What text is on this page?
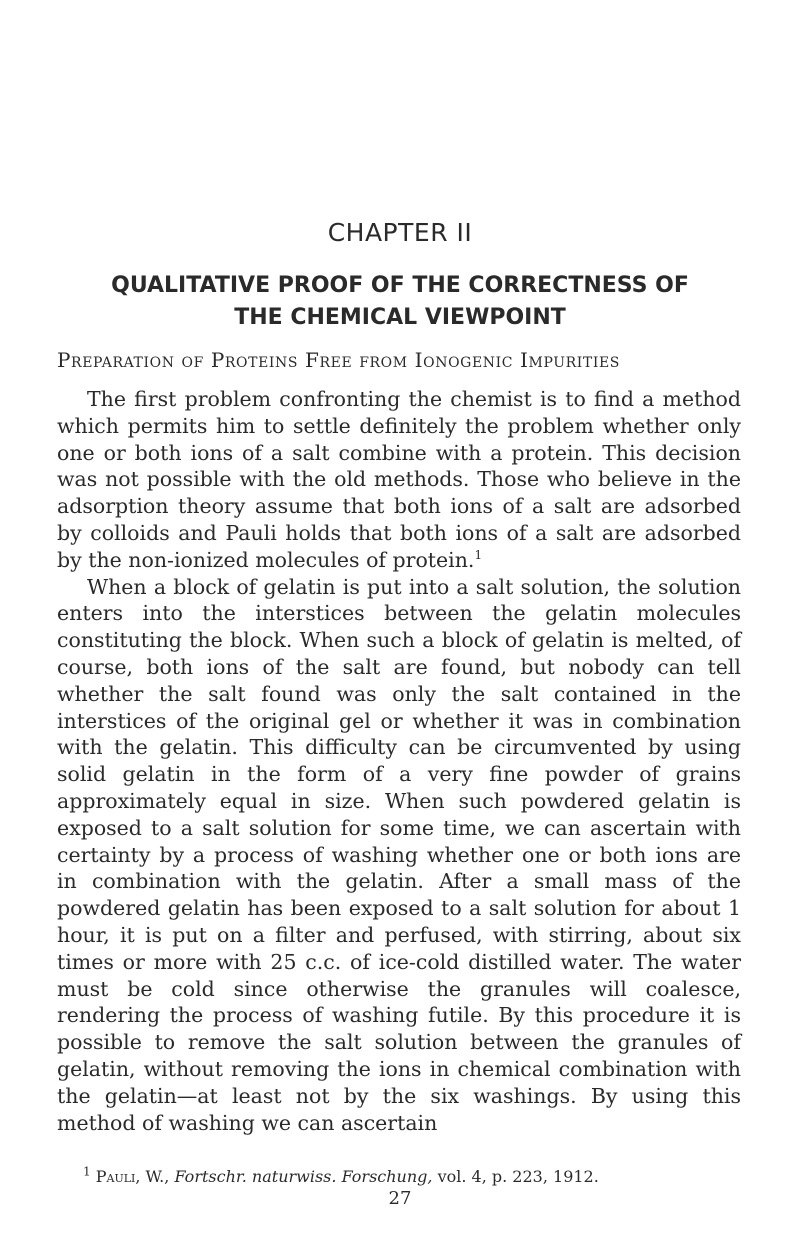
CHAPTER II
QUALITATIVE PROOF OF THE CORRECTNESS OF
THE CHEMICAL VIEWPOINT
Preparation of Proteins Free from Ionogenic Impurities

The first problem confronting the chemist is to find a method which permits him to settle definitely the problem whether only one or both ions of a salt combine with a protein. This decision was not possible with the old methods. Those who believe in the adsorption theory assume that both ions of a salt are adsorbed by colloids and Pauli holds that both ions of a salt are adsorbed by the non-ionized molecules of protein.$^1$

When a block of gelatin is put into a salt solution, the solution enters into the interstices between the gelatin molecules constituting the block. When such a block of gelatin is melted, of course, both ions of the salt are found, but nobody can tell whether the salt found was only the salt contained in the interstices of the original gel or whether it was in combination with the gelatin. This difficulty can be circumvented by using solid gelatin in the form of a very fine powder of grains approximately equal in size. When such powdered gelatin is exposed to a salt solution for some time, we can ascertain with certainty by a process of washing whether one or both ions are in combination with the gelatin. After a small mass of the powdered gelatin has been exposed to a salt solution for about 1 hour, it is put on a filter and perfused, with stirring, about six times or more with 25 c.c. of ice-cold distilled water. The water must be cold since otherwise the granules will coalesce, rendering the process of washing futile. By this procedure it is possible to remove the salt solution between the granules of gelatin, without removing the ions in chemical combination with the gelatin—at least not by the six washings. By using this method of washing we can ascertain

$^1$ Pauli, W., Fortschr. naturwiss. Forschung, vol. 4, p. 223, 1912.
27
